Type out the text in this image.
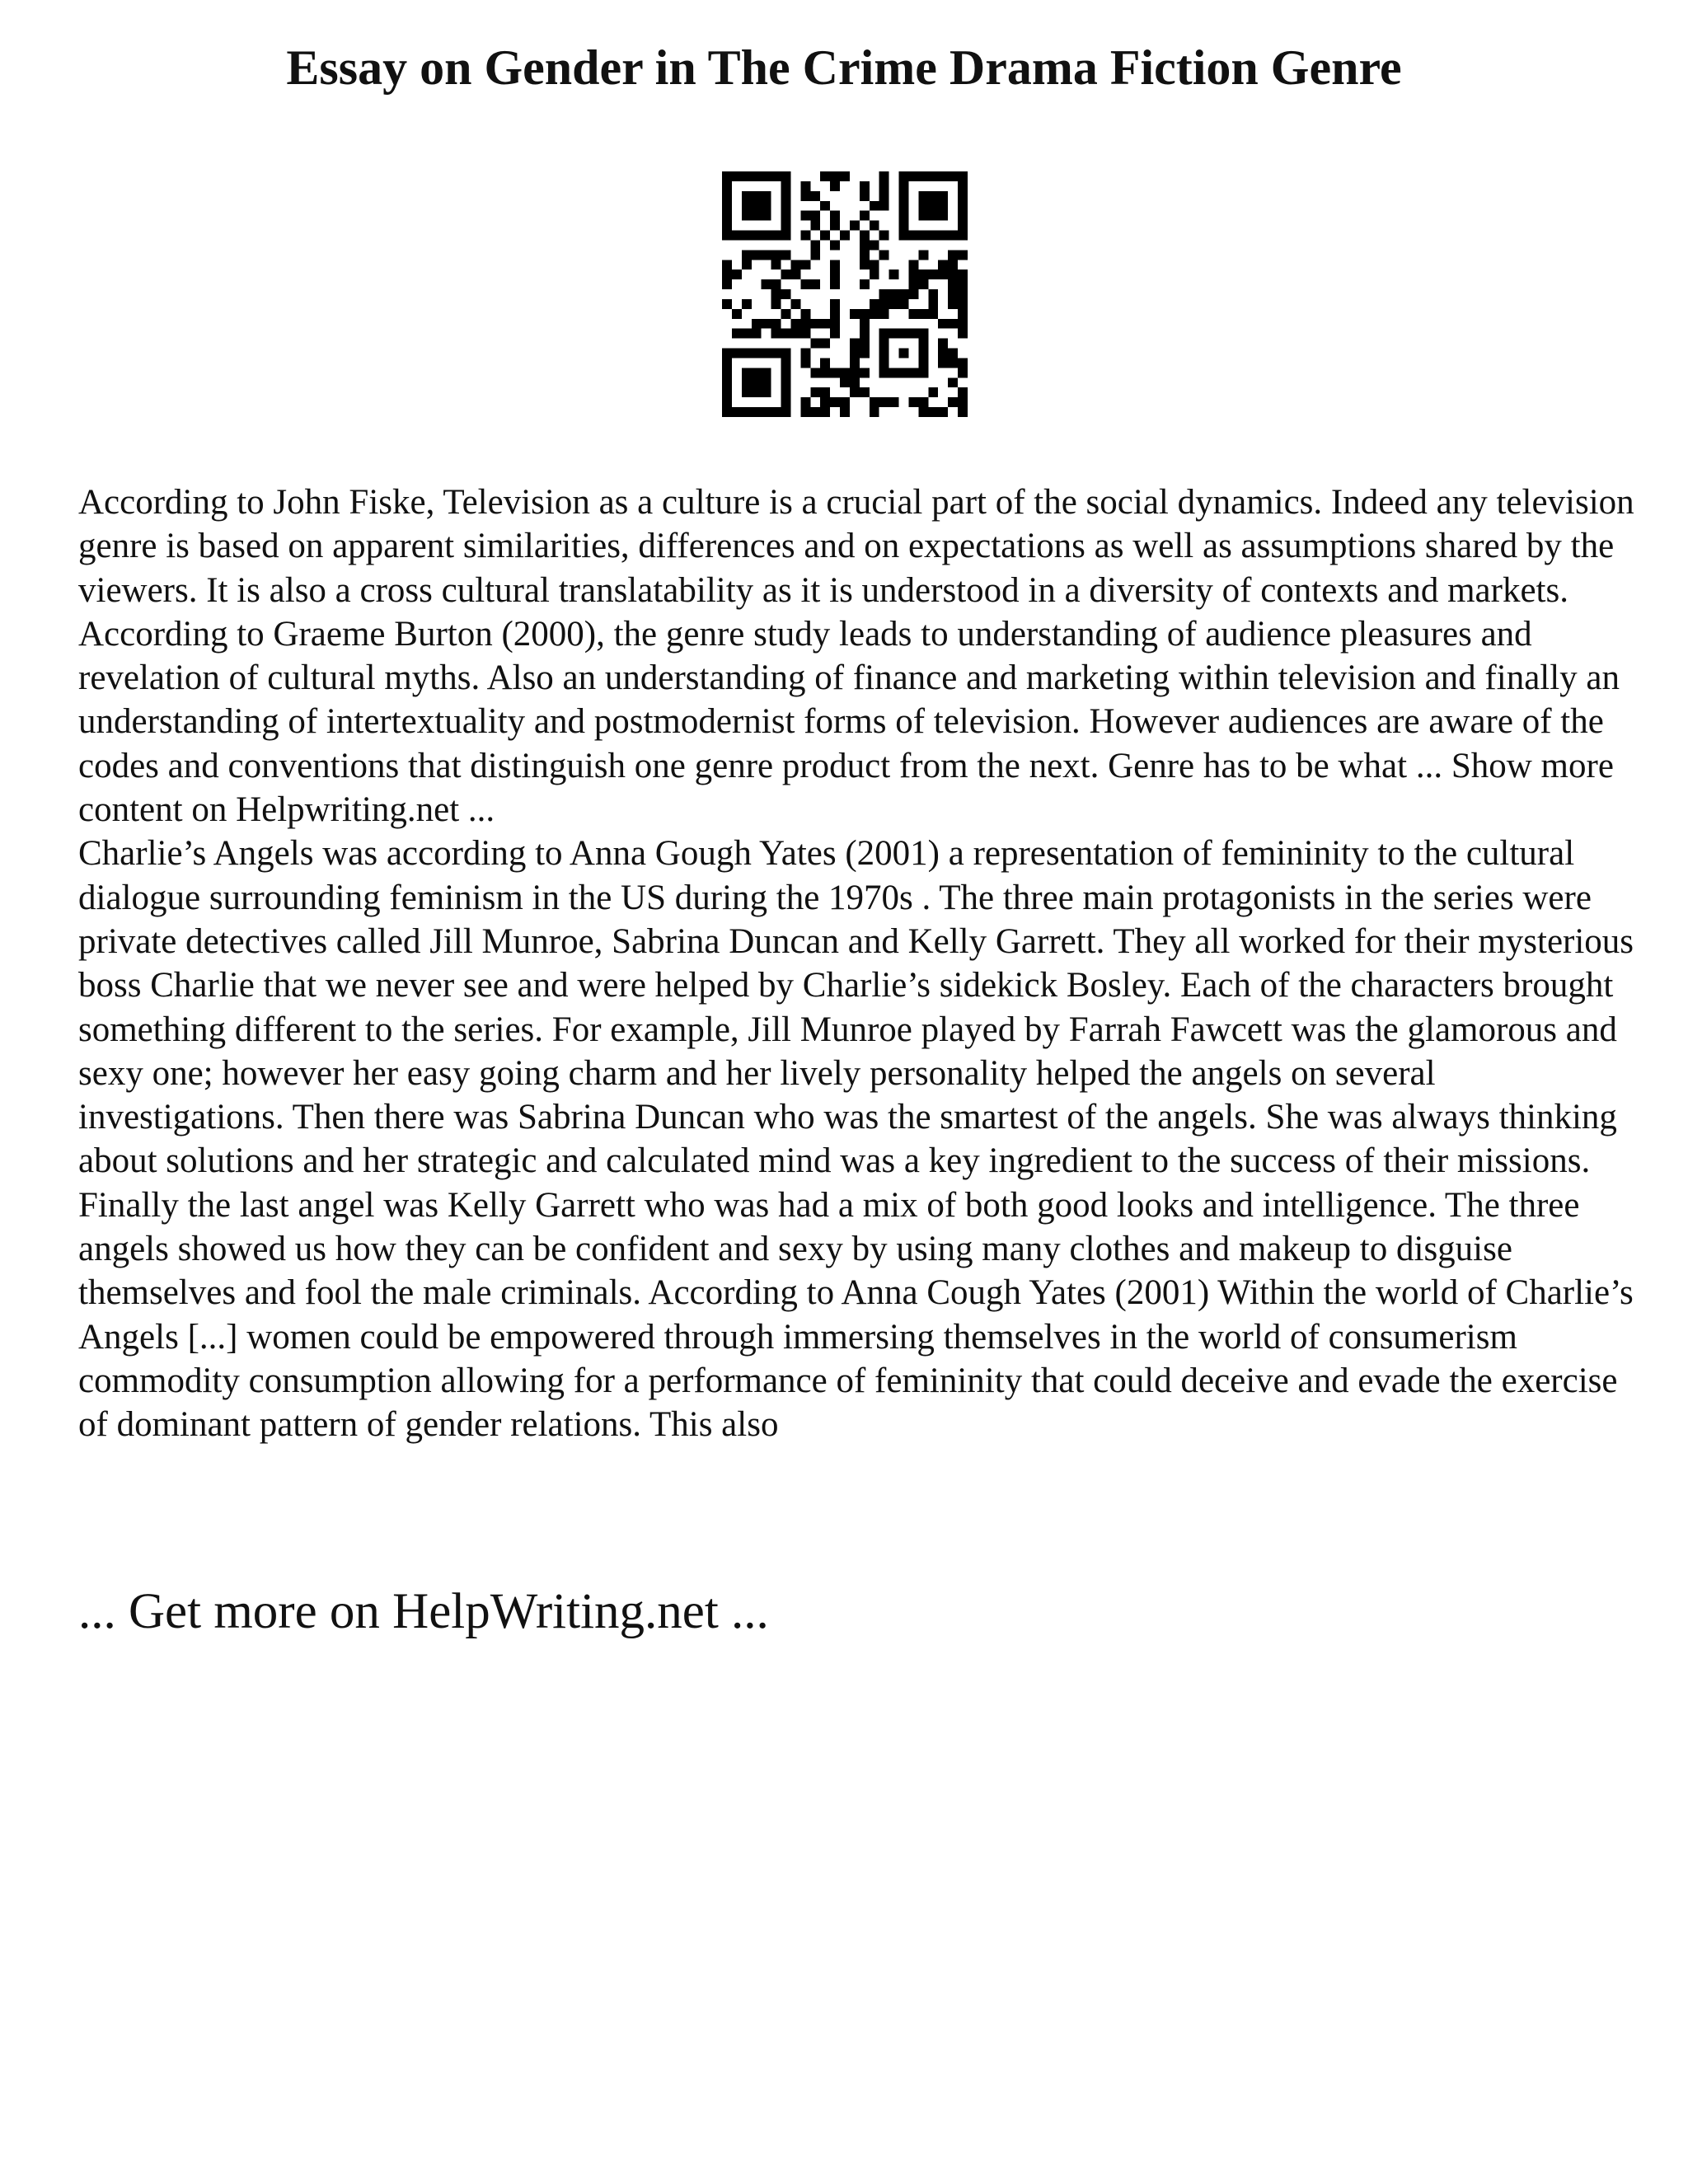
Essay on Gender in The Crime Drama Fiction Genre

According to John Fiske, Television as a culture is a crucial part of the social dynamics. Indeed any television genre is based on apparent similarities, differences and on expectations as well as assumptions shared by the viewers. It is also a cross cultural translatability as it is understood in a diversity of contexts and markets. According to Graeme Burton (2000), the genre study leads to understanding of audience pleasures and revelation of cultural myths. Also an understanding of finance and marketing within television and finally an understanding of intertextuality and postmodernist forms of television. However audiences are aware of the codes and conventions that distinguish one genre product from the next. Genre has to be what ... Show more content on Helpwriting.net ...

Charlie’s Angels was according to Anna Gough Yates (2001) a representation of femininity to the cultural dialogue surrounding feminism in the US during the 1970s . The three main protagonists in the series were private detectives called Jill Munroe, Sabrina Duncan and Kelly Garrett. They all worked for their mysterious boss Charlie that we never see and were helped by Charlie’s sidekick Bosley. Each of the characters brought something different to the series. For example, Jill Munroe played by Farrah Fawcett was the glamorous and sexy one; however her easy going charm and her lively personality helped the angels on several investigations. Then there was Sabrina Duncan who was the smartest of the angels. She was always thinking about solutions and her strategic and calculated mind was a key ingredient to the success of their missions. Finally the last angel was Kelly Garrett who was had a mix of both good looks and intelligence. The three angels showed us how they can be confident and sexy by using many clothes and makeup to disguise themselves and fool the male criminals. According to Anna Cough Yates (2001) Within the world of Charlie’s Angels [...] women could be empowered through immersing themselves in the world of consumerism commodity consumption allowing for a performance of femininity that could deceive and evade the exercise of dominant pattern of gender relations. This also

... Get more on HelpWriting.net ...
